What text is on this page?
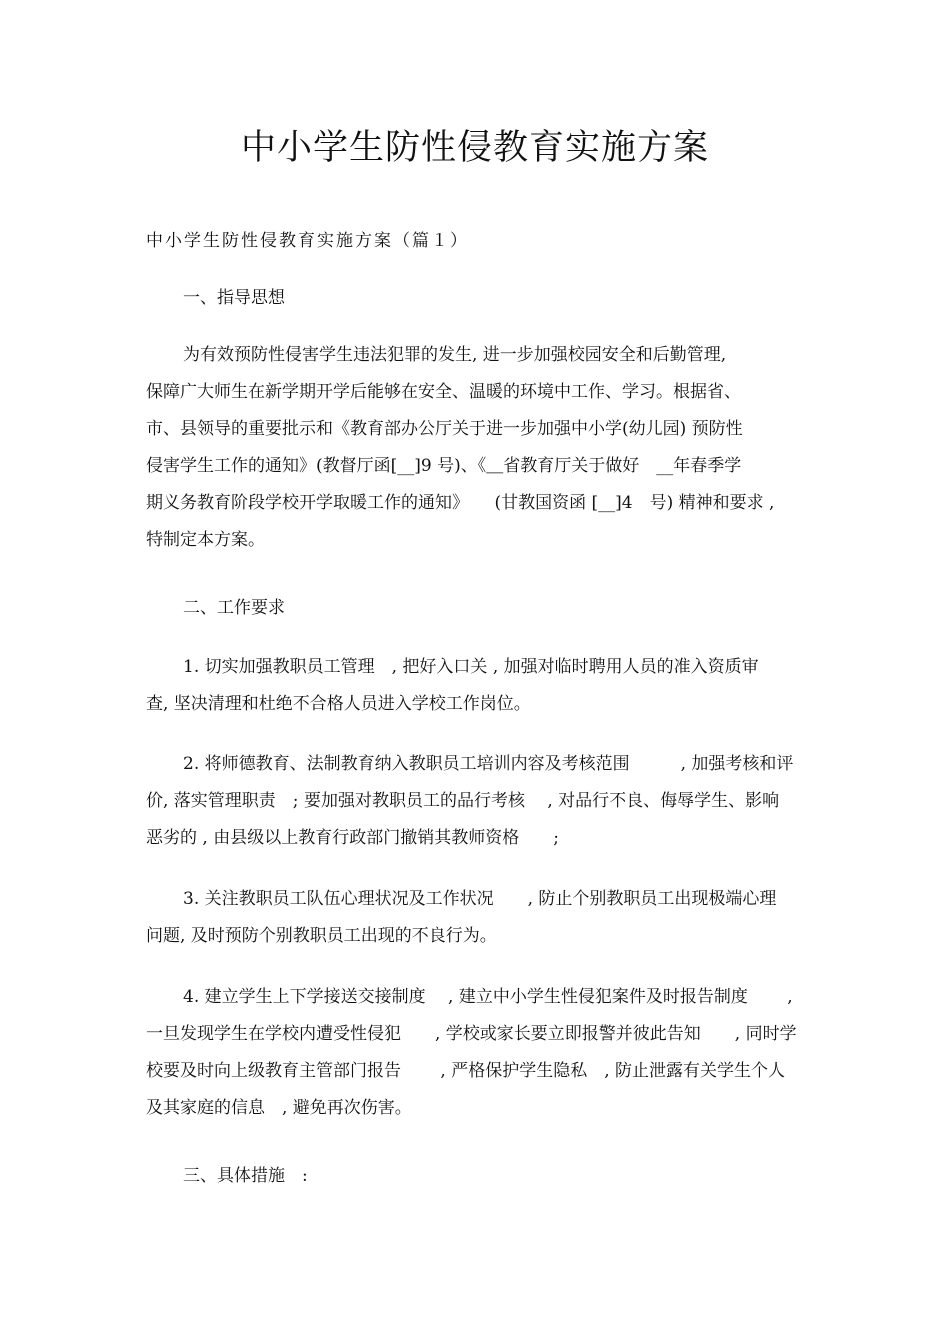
中小学生防性侵教育实施方案
中小学生防性侵教育实施方案（篇１）
一、指导思想
为有效预防性侵害学生违法犯罪的发生, 进一步加强校园安全和后勤管理,
保障广大师生在新学期开学后能够在安全、温暖的环境中工作、学习。根据省、
市、县领导的重要批示和《教育部办公厅关于进一步加强中小学(幼儿园) 预防性
侵害学生工作的通知》(教督厅函[__]9 号)、《＿省教育厅关于做好　__年春季学
期义务教育阶段学校开学取暖工作的通知》　　(甘教国资函 [__]4　号) 精神和要求 ,
特制定本方案。
二、工作要求
1. 切实加强教职员工管理　, 把好入口关 , 加强对临时聘用人员的准入资质审
查, 坚决清理和杜绝不合格人员进入学校工作岗位。
2. 将师德教育、法制教育纳入教职员工培训内容及考核范围　　　, 加强考核和评
价, 落实管理职责　; 要加强对教职员工的品行考核　 , 对品行不良、侮辱学生、影响
恶劣的 , 由县级以上教育行政部门撤销其教师资格　　;
3. 关注教职员工队伍心理状况及工作状况　　, 防止个别教职员工出现极端心理
问题, 及时预防个别教职员工出现的不良行为。
4. 建立学生上下学接送交接制度　 , 建立中小学生性侵犯案件及时报告制度　　 ,
一旦发现学生在学校内遭受性侵犯　　, 学校或家长要立即报警并彼此告知　　, 同时学
校要及时向上级教育主管部门报告　　 , 严格保护学生隐私　, 防止泄露有关学生个人
及其家庭的信息　, 避免再次伤害。
三、具体措施　:
